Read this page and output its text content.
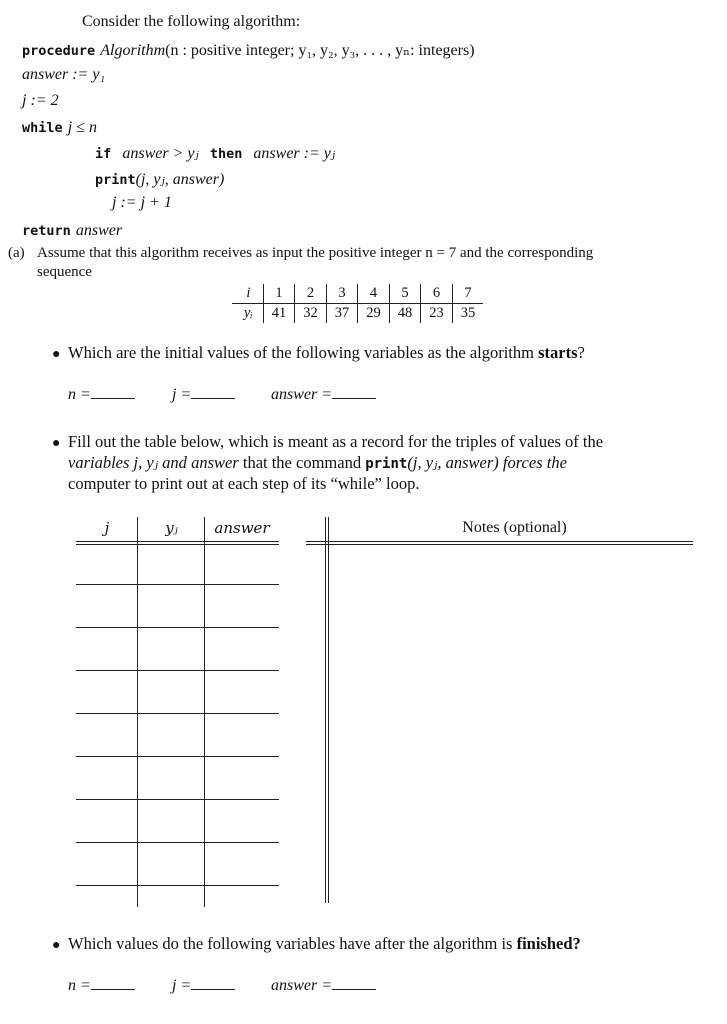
Consider the following algorithm:
procedure Algorithm(n : positive integer; y₁, y₂, y₃, . . . , yₙ: integers)
answer := y₁
j := 2
while j ≤ n
if answer > yⱼ then answer := yⱼ
print(j, yⱼ, answer)
j := j + 1
return answer
(a) Assume that this algorithm receives as input the positive integer n = 7 and the corresponding
sequence
i	1	2	3	4	5	6	7
yᵢ	41	32	37	29	48	23	35
● Which are the initial values of the following variables as the algorithm starts?
n =	j =	answer =
● Fill out the table below, which is meant as a record for the triples of values of the
variables j, yⱼ and answer that the command print(j, yⱼ, answer) forces the
computer to print out at each step of its “while” loop.
j	yⱼ	answer	Notes (optional)
● Which values do the following variables have after the algorithm is finished?
n =	j =	answer =
